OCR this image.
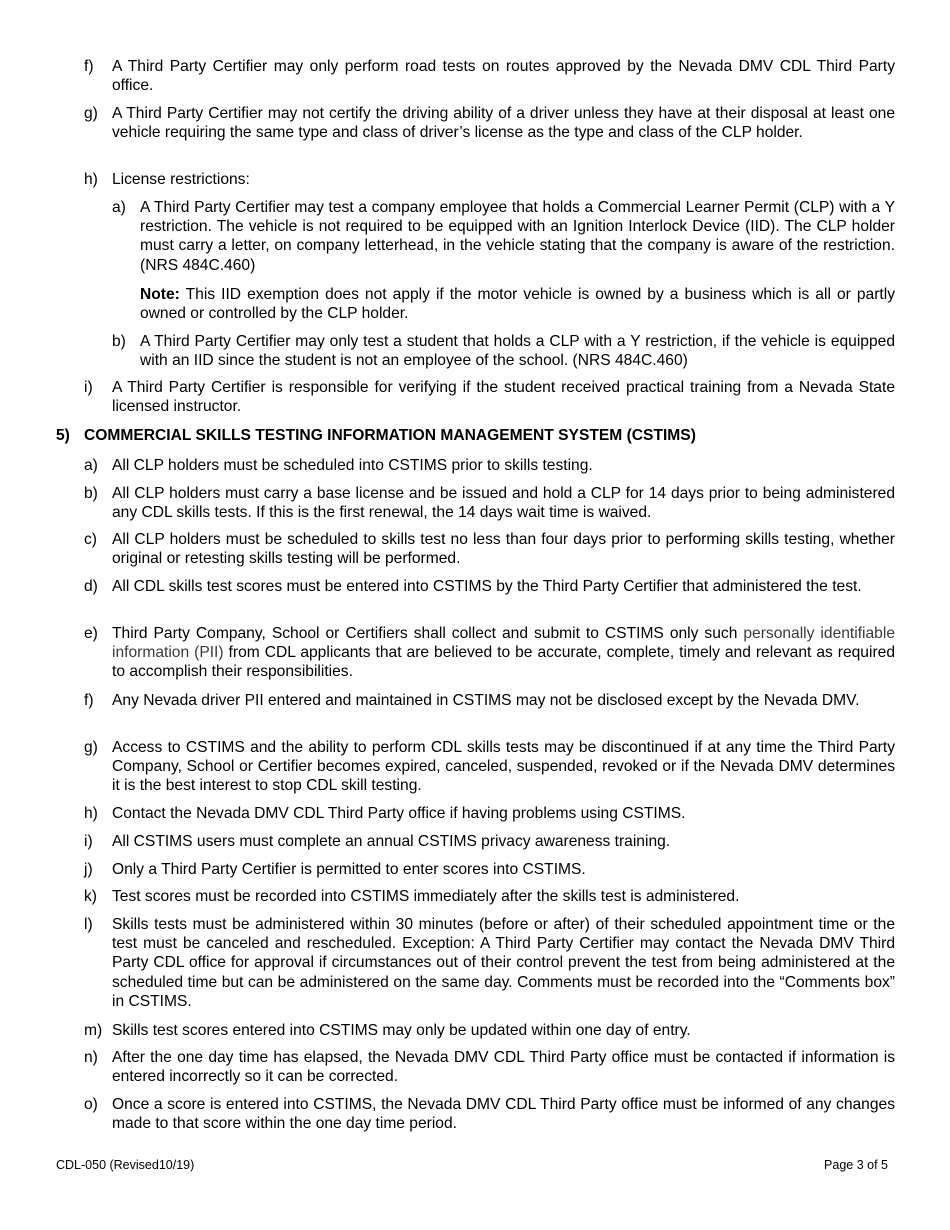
f) A Third Party Certifier may only perform road tests on routes approved by the Nevada DMV CDL Third Party office.
g) A Third Party Certifier may not certify the driving ability of a driver unless they have at their disposal at least one vehicle requiring the same type and class of driver’s license as the type and class of the CLP holder.
h) License restrictions:
a) A Third Party Certifier may test a company employee that holds a Commercial Learner Permit (CLP) with a Y restriction. The vehicle is not required to be equipped with an Ignition Interlock Device (IID). The CLP holder must carry a letter, on company letterhead, in the vehicle stating that the company is aware of the restriction. (NRS 484C.460)
Note: This IID exemption does not apply if the motor vehicle is owned by a business which is all or partly owned or controlled by the CLP holder.
b) A Third Party Certifier may only test a student that holds a CLP with a Y restriction, if the vehicle is equipped with an IID since the student is not an employee of the school. (NRS 484C.460)
i) A Third Party Certifier is responsible for verifying if the student received practical training from a Nevada State licensed instructor.
5) COMMERCIAL SKILLS TESTING INFORMATION MANAGEMENT SYSTEM (CSTIMS)
a) All CLP holders must be scheduled into CSTIMS prior to skills testing.
b) All CLP holders must carry a base license and be issued and hold a CLP for 14 days prior to being administered any CDL skills tests. If this is the first renewal, the 14 days wait time is waived.
c) All CLP holders must be scheduled to skills test no less than four days prior to performing skills testing, whether original or retesting skills testing will be performed.
d) All CDL skills test scores must be entered into CSTIMS by the Third Party Certifier that administered the test.
e) Third Party Company, School or Certifiers shall collect and submit to CSTIMS only such personally identifiable information (PII) from CDL applicants that are believed to be accurate, complete, timely and relevant as required to accomplish their responsibilities.
f) Any Nevada driver PII entered and maintained in CSTIMS may not be disclosed except by the Nevada DMV.
g) Access to CSTIMS and the ability to perform CDL skills tests may be discontinued if at any time the Third Party Company, School or Certifier becomes expired, canceled, suspended, revoked or if the Nevada DMV determines it is the best interest to stop CDL skill testing.
h) Contact the Nevada DMV CDL Third Party office if having problems using CSTIMS.
i) All CSTIMS users must complete an annual CSTIMS privacy awareness training.
j) Only a Third Party Certifier is permitted to enter scores into CSTIMS.
k) Test scores must be recorded into CSTIMS immediately after the skills test is administered.
l) Skills tests must be administered within 30 minutes (before or after) of their scheduled appointment time or the test must be canceled and rescheduled. Exception: A Third Party Certifier may contact the Nevada DMV Third Party CDL office for approval if circumstances out of their control prevent the test from being administered at the scheduled time but can be administered on the same day. Comments must be recorded into the “Comments box” in CSTIMS.
m) Skills test scores entered into CSTIMS may only be updated within one day of entry.
n) After the one day time has elapsed, the Nevada DMV CDL Third Party office must be contacted if information is entered incorrectly so it can be corrected.
o) Once a score is entered into CSTIMS, the Nevada DMV CDL Third Party office must be informed of any changes made to that score within the one day time period.
CDL-050 (Revised10/19)	Page 3 of 5
